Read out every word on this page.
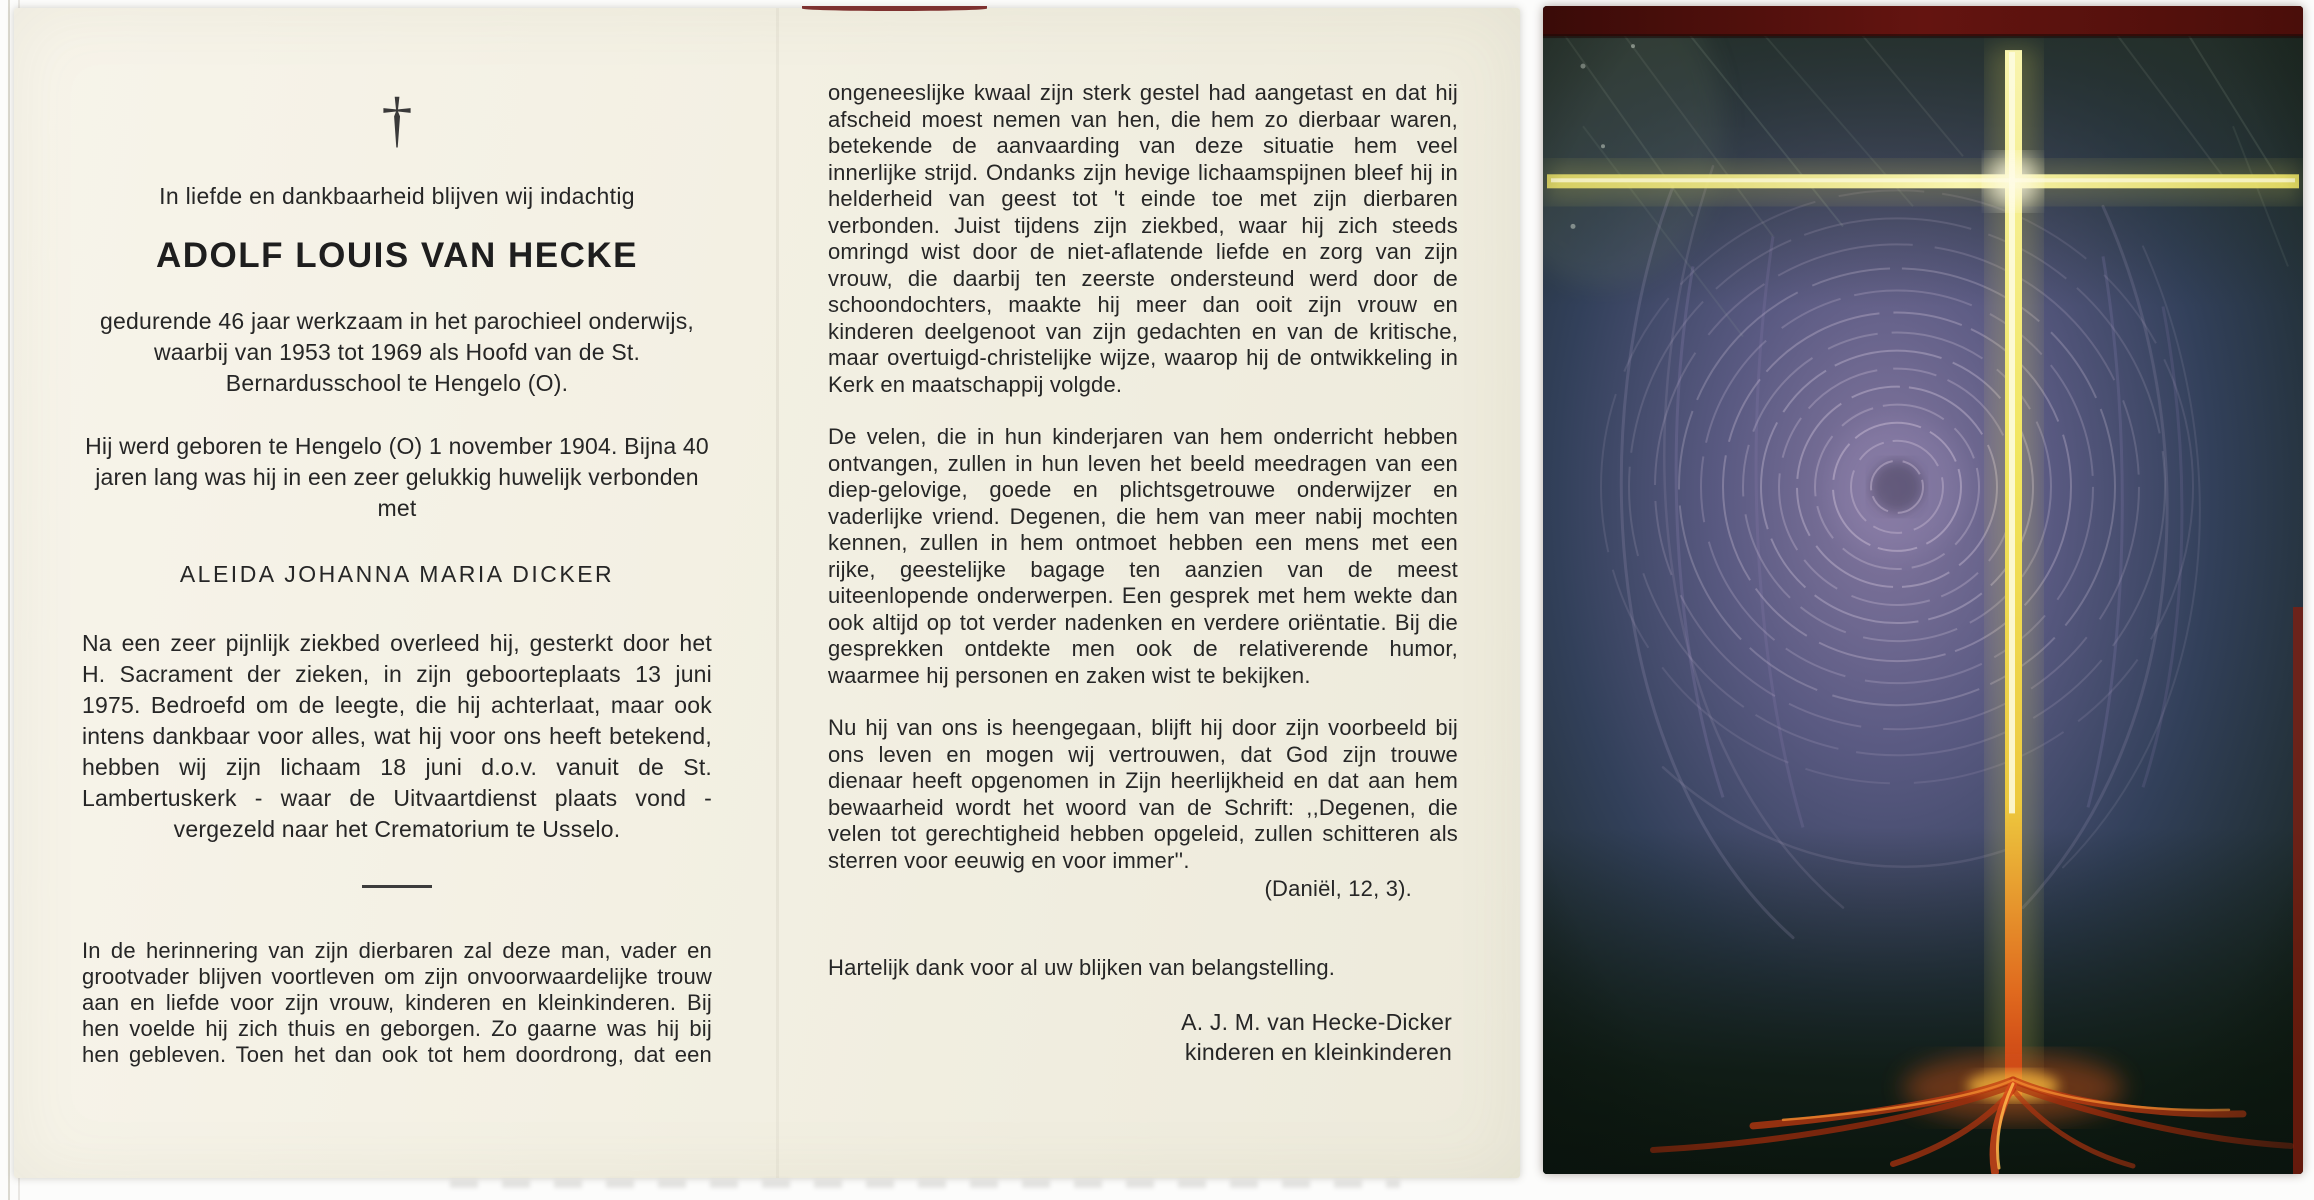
†

In liefde en dankbaarheid blijven wij indachtig

ADOLF LOUIS VAN HECKE

gedurende 46 jaar werkzaam in het parochieel onderwijs, waarbij van 1953 tot 1969 als Hoofd van de St. Bernardusschool te Hengelo (O).

Hij werd geboren te Hengelo (O) 1 november 1904. Bijna 40 jaren lang was hij in een zeer gelukkig huwelijk verbonden met

ALEIDA JOHANNA MARIA DICKER

Na een zeer pijnlijk ziekbed overleed hij, gesterkt door het H. Sacrament der zieken, in zijn geboorteplaats 13 juni 1975. Bedroefd om de leegte, die hij achterlaat, maar ook intens dankbaar voor alles, wat hij voor ons heeft betekend, hebben wij zijn lichaam 18 juni d.o.v. vanuit de St. Lambertuskerk - waar de Uitvaartdienst plaats vond - vergezeld naar het Crematorium te Usselo.

In de herinnering van zijn dierbaren zal deze man, vader en grootvader blijven voortleven om zijn onvoorwaardelijke trouw aan en liefde voor zijn vrouw, kinderen en kleinkinderen. Bij hen voelde hij zich thuis en geborgen. Zo gaarne was hij bij hen gebleven. Toen het dan ook tot hem doordrong, dat een

ongeneeslijke kwaal zijn sterk gestel had aangetast en dat hij afscheid moest nemen van hen, die hem zo dierbaar waren, betekende de aanvaarding van deze situatie hem veel innerlijke strijd. Ondanks zijn hevige lichaamspijnen bleef hij in helderheid van geest tot 't einde toe met zijn dierbaren verbonden. Juist tijdens zijn ziekbed, waar hij zich steeds omringd wist door de niet-aflatende liefde en zorg van zijn vrouw, die daarbij ten zeerste ondersteund werd door de schoondochters, maakte hij meer dan ooit zijn vrouw en kinderen deelgenoot van zijn gedachten en van de kritische, maar overtuigd-christelijke wijze, waarop hij de ontwikkeling in Kerk en maatschappij volgde.

De velen, die in hun kinderjaren van hem onderricht hebben ontvangen, zullen in hun leven het beeld meedragen van een diep-gelovige, goede en plichtsgetrouwe onderwijzer en vaderlijke vriend. Degenen, die hem van meer nabij mochten kennen, zullen in hem ontmoet hebben een mens met een rijke, geestelijke bagage ten aanzien van de meest uiteenlopende onderwerpen. Een gesprek met hem wekte dan ook altijd op tot verder nadenken en verdere oriëntatie. Bij die gesprekken ontdekte men ook de relativerende humor, waarmee hij personen en zaken wist te bekijken.

Nu hij van ons is heengegaan, blijft hij door zijn voorbeeld bij ons leven en mogen wij vertrouwen, dat God zijn trouwe dienaar heeft opgenomen in Zijn heerlijkheid en dat aan hem bewaarheid wordt het woord van de Schrift: ,,Degenen, die velen tot gerechtigheid hebben opgeleid, zullen schitteren als sterren voor eeuwig en voor immer''.

(Daniël, 12, 3).

Hartelijk dank voor al uw blijken van belangstelling.

A. J. M. van Hecke-Dicker

kinderen en kleinkinderen
